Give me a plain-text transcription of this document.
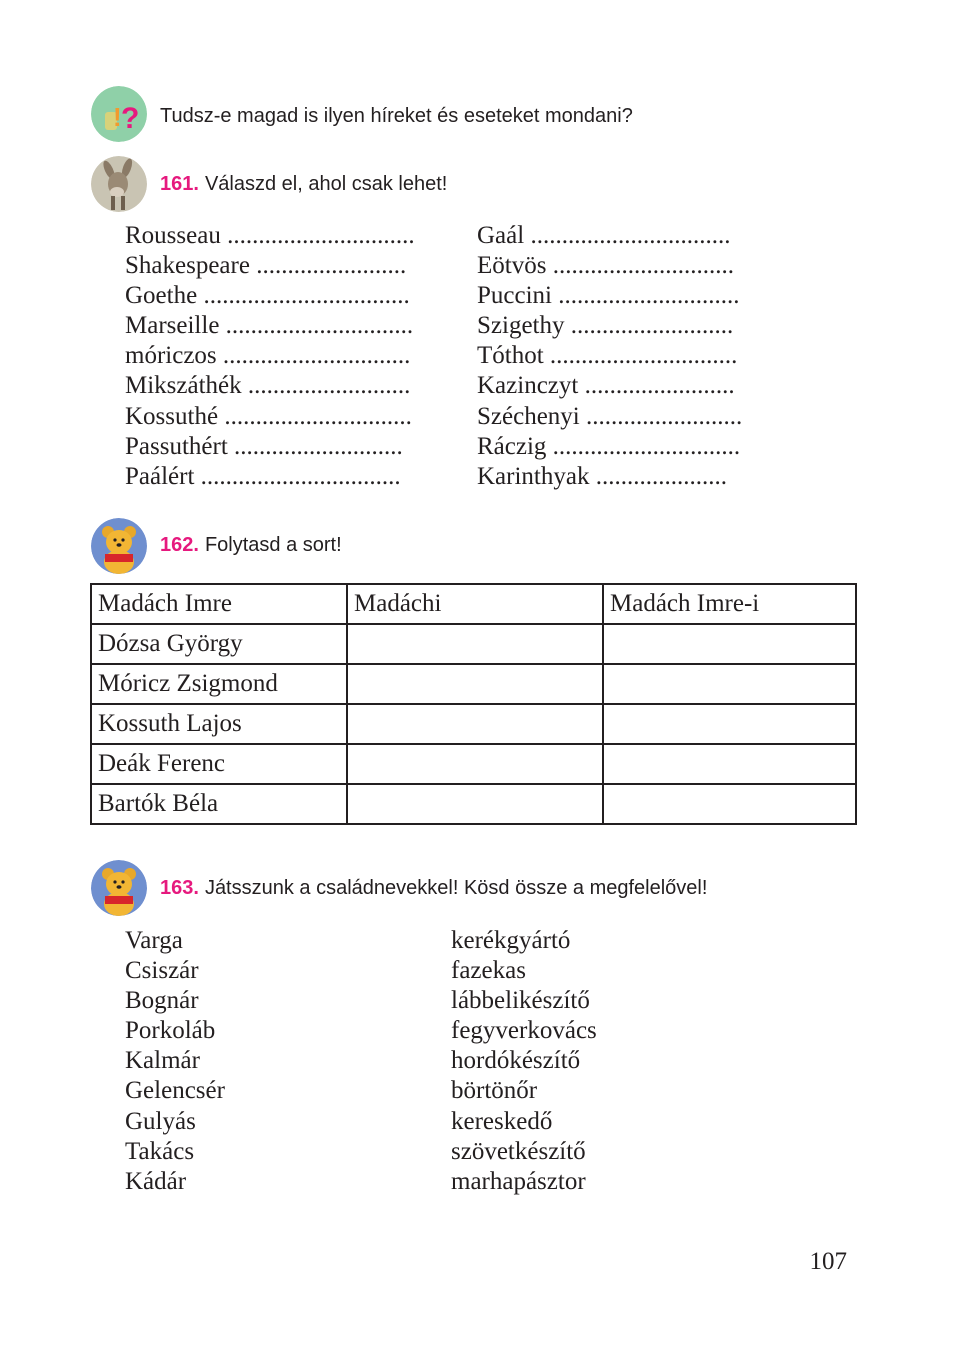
! ? Tudsz-e magad is ilyen híreket és eseteket mondani?
161. Válaszd el, ahol csak lehet!
Rousseau ..............................
Shakespeare ........................
Goethe .................................
Marseille ..............................
móriczos ..............................
Mikszáthék ..........................
Kossuthé ..............................
Passuthért ...........................
Paálért ................................
Gaál ................................
Eötvös .............................
Puccini .............................
Szigethy ..........................
Tóthot ..............................
Kazinczyt ........................
Széchenyi .........................
Ráczig ..............................
Karinthyak .....................
162. Folytasd a sort!
Madách Imre	Madáchi	Madách Imre-i
Dózsa György		
Móricz Zsigmond		
Kossuth Lajos		
Deák Ferenc		
Bartók Béla		
163. Játsszunk a családnevekkel! Kösd össze a megfelelővel!
Varga
Csiszár
Bognár
Porkoláb
Kalmár
Gelencsér
Gulyás
Takács
Kádár
kerékgyártó
fazekas
lábbelikészítő
fegyverkovács
hordókészítő
börtönőr
kereskedő
szövetkészítő
marhapásztor
107
